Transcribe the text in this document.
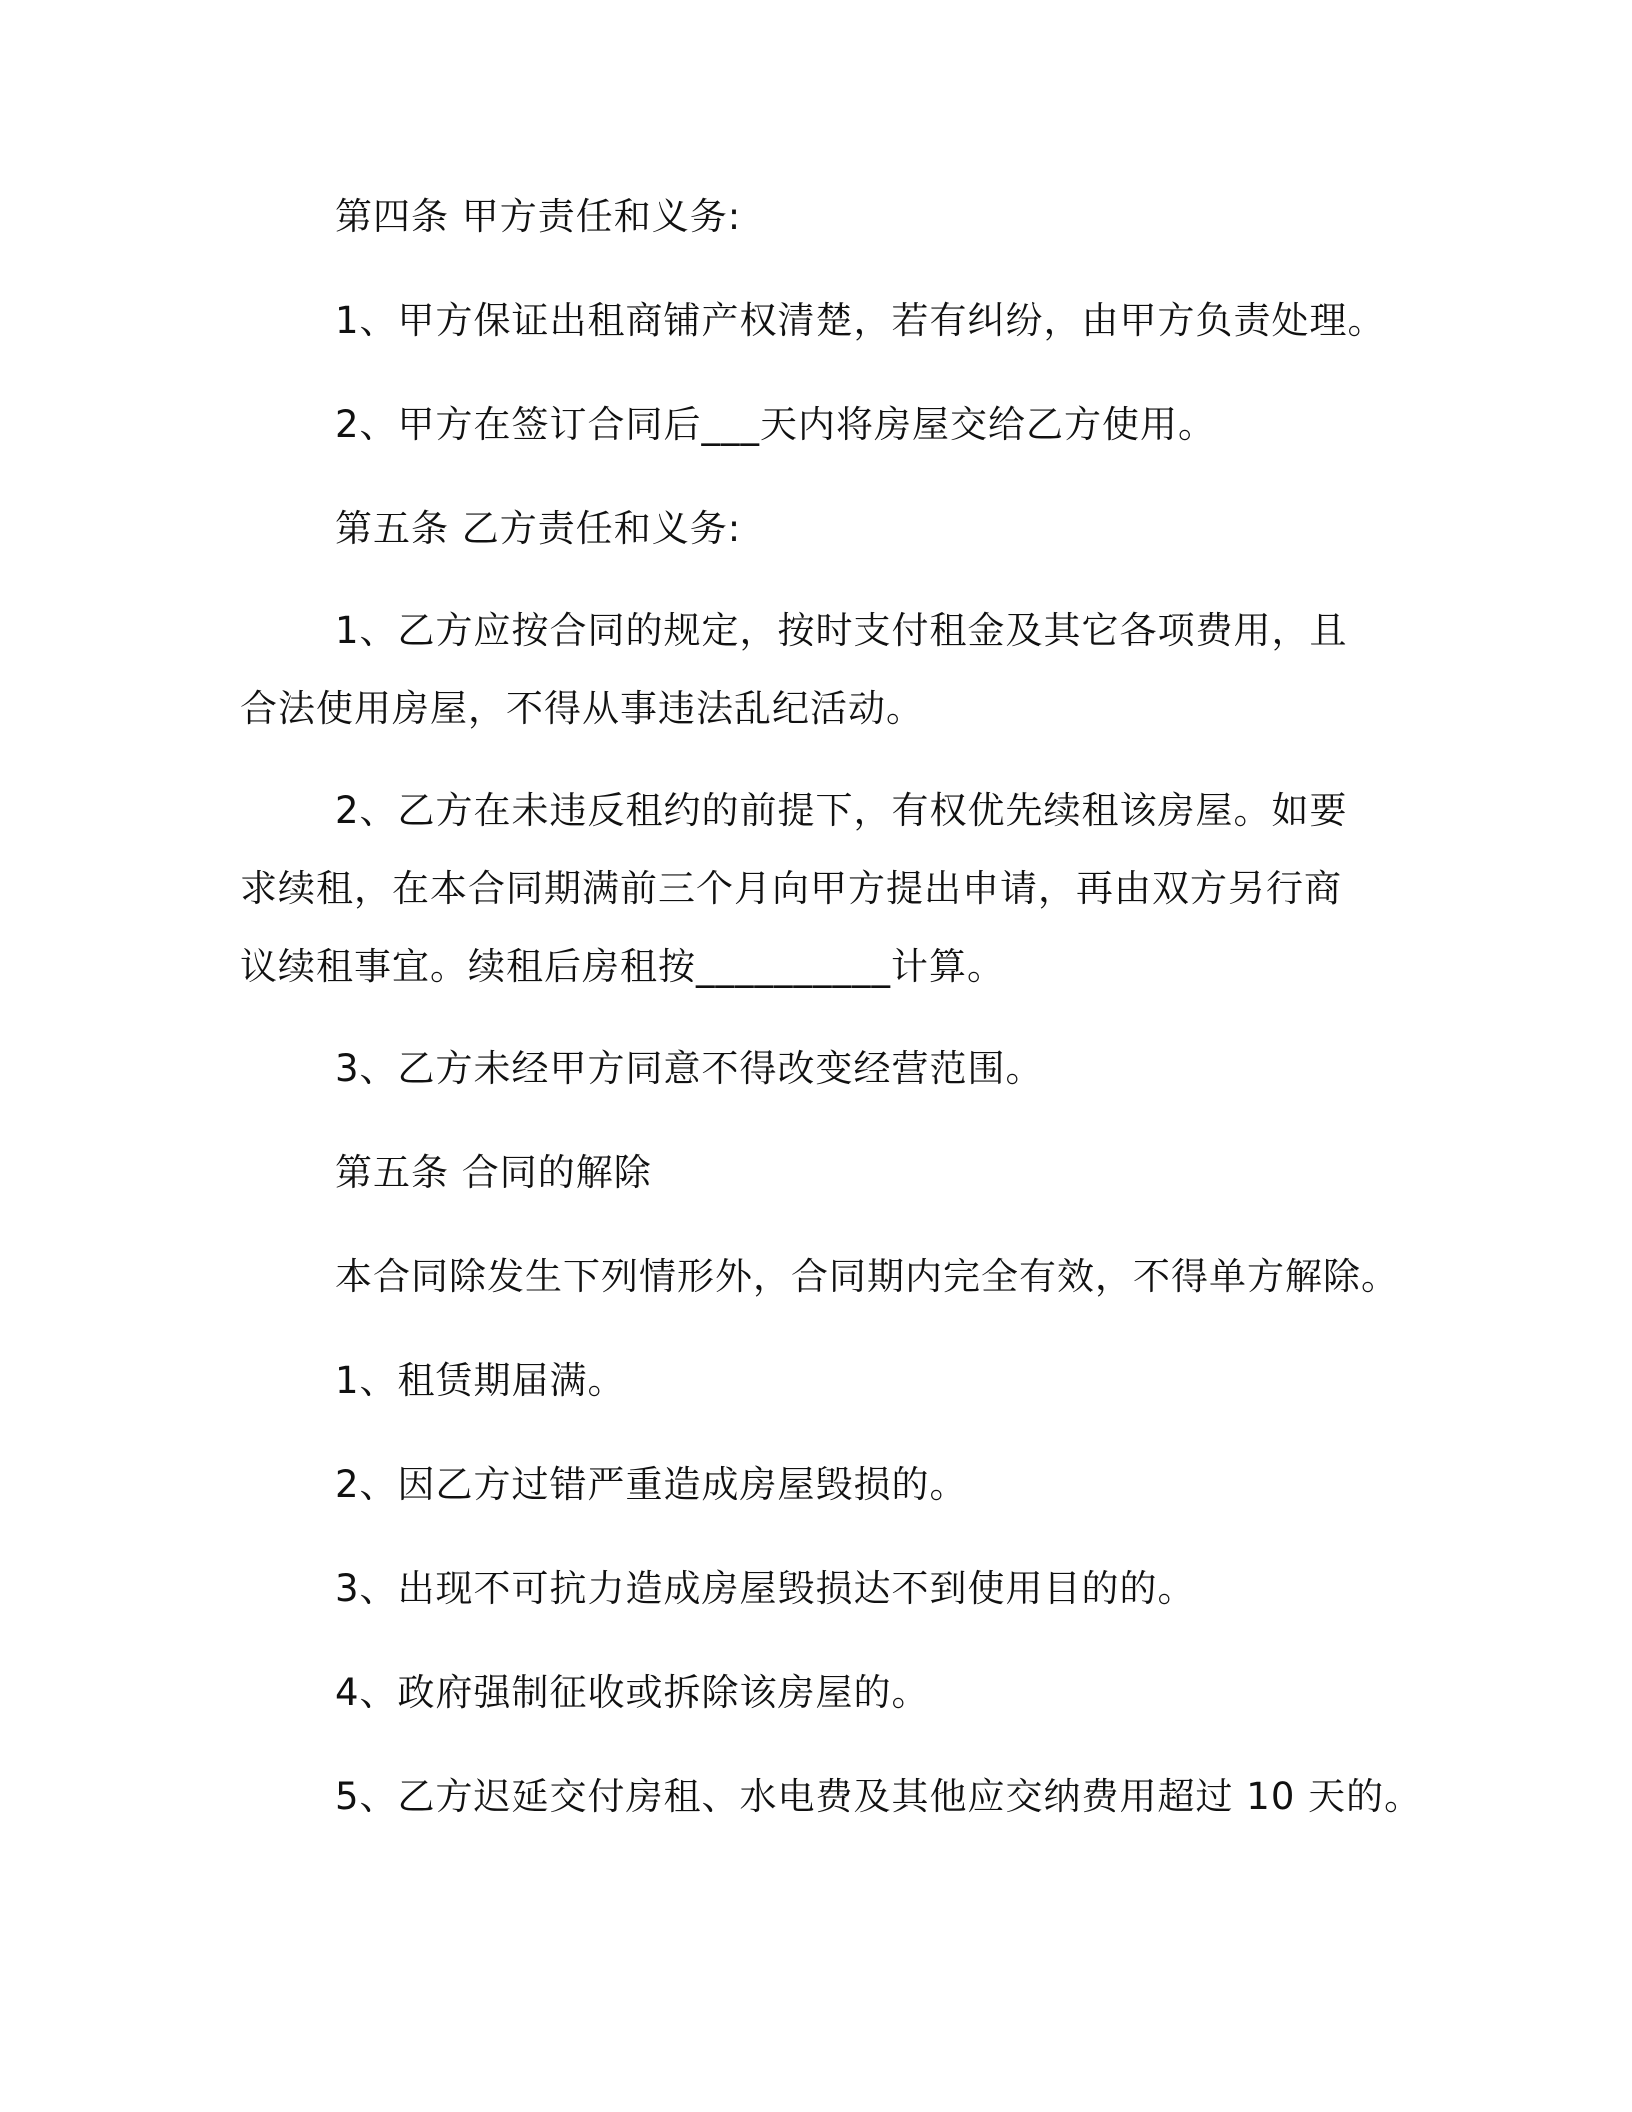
第四条 甲方责任和义务:

1、甲方保证出租商铺产权清楚，若有纠纷，由甲方负责处理。

2、甲方在签订合同后___天内将房屋交给乙方使用。

第五条 乙方责任和义务:

1、乙方应按合同的规定，按时支付租金及其它各项费用，且合法使用房屋，不得从事违法乱纪活动。

2、乙方在未违反租约的前提下，有权优先续租该房屋。如要求续租，在本合同期满前三个月向甲方提出申请，再由双方另行商议续租事宜。续租后房租按__________计算。

3、乙方未经甲方同意不得改变经营范围。

第五条 合同的解除

本合同除发生下列情形外，合同期内完全有效，不得单方解除。

1、租赁期届满。

2、因乙方过错严重造成房屋毁损的。

3、出现不可抗力造成房屋毁损达不到使用目的的。

4、政府强制征收或拆除该房屋的。

5、乙方迟延交付房租、水电费及其他应交纳费用超过 10 天的。
